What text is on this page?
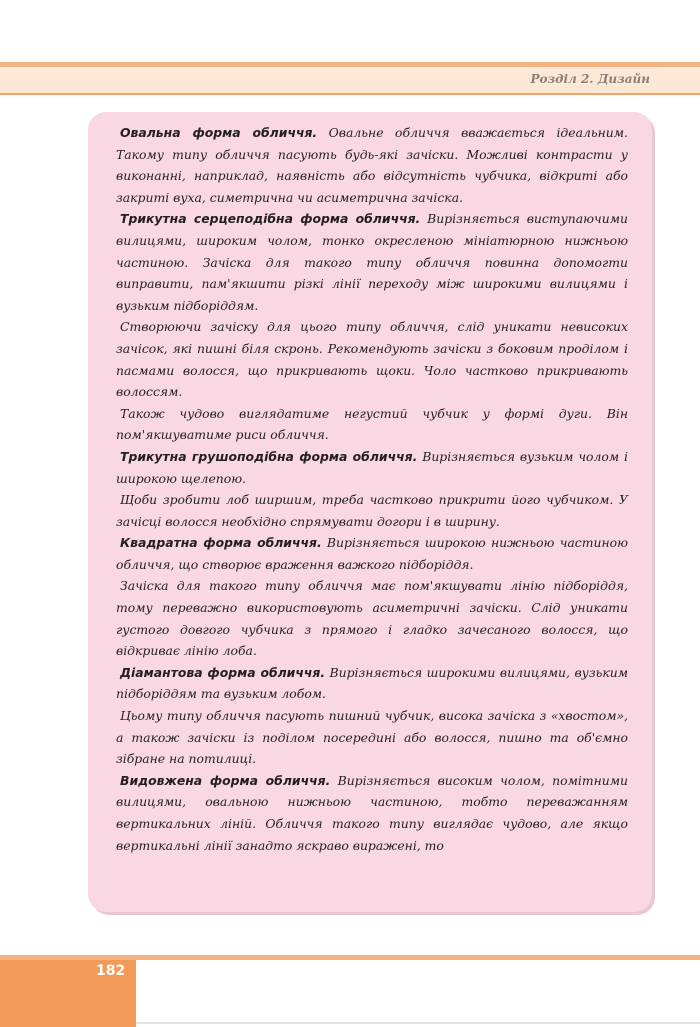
Розділ 2. Дизайн

Овальна форма обличчя. Овальне обличчя вважається ідеальним. Такому типу обличчя пасують будь-які зачіски. Можливі контрасти у виконанні, наприклад, наявність або відсутність чубчика, відкриті або закриті вуха, симетрична чи асиметрична зачіска.

Трикутна серцеподібна форма обличчя. Вирізняється виступаючими вилицями, широким чолом, тонко окресленою мініатюрною нижньою частиною. Зачіска для такого типу обличчя повинна допомогти виправити, пам'якшити різкі лінії переходу між широкими вилицями і вузьким підборіддям.

Створюючи зачіску для цього типу обличчя, слід уникати невисоких зачісок, які пишні біля скронь. Рекомендують зачіски з боковим проділом і пасмами волосся, що прикривають щоки. Чоло частково прикривають волоссям.

Також чудово виглядатиме негустий чубчик у формі дуги. Він пом'якшуватиме риси обличчя.

Трикутна грушоподібна форма обличчя. Вирізняється вузьким чолом і широкою щелепою.

Щоби зробити лоб ширшим, треба частково прикрити його чубчиком. У зачісці волосся необхідно спрямувати догори і в ширину.

Квадратна форма обличчя. Вирізняється широкою нижньою частиною обличчя, що створює враження важкого підборіддя.

Зачіска для такого типу обличчя має пом'якшувати лінію підборіддя, тому переважно використовують асиметричні зачіски. Слід уникати густого довгого чубчика з прямого і гладко зачесаного волосся, що відкриває лінію лоба.

Діамантова форма обличчя. Вирізняється широкими вилицями, вузьким підборіддям та вузьким лобом.

Цьому типу обличчя пасують пишний чубчик, висока зачіска з «хвостом», а також зачіски із поділом посередині або волосся, пишно та об'ємно зібране на потилиці.

Видовжена форма обличчя. Вирізняється високим чолом, помітними вилицями, овальною нижньою частиною, тобто переважанням вертикальних ліній. Обличчя такого типу виглядає чудово, але якщо вертикальні лінії занадто яскраво виражені, то

182
